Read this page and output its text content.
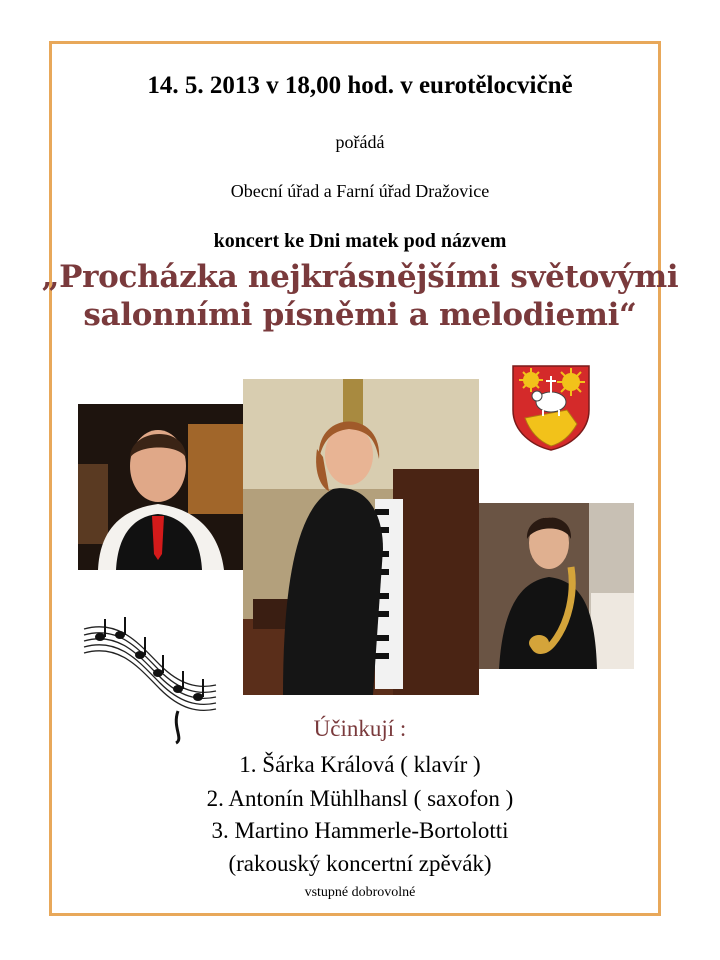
14. 5. 2013 v 18,00 hod. v eurotělocvičně
pořádá
Obecní úřad a Farní úřad Dražovice
koncert ke Dni matek pod názvem
„Procházka nejkrásnějšími světovými
salonními písněmi a melodiemi“
Účinkují :
1. Šárka Králová ( klavír )
2. Antonín Mühlhansl ( saxofon )
3. Martino Hammerle-Bortolotti
(rakouský koncertní zpěvák)
vstupné dobrovolné
